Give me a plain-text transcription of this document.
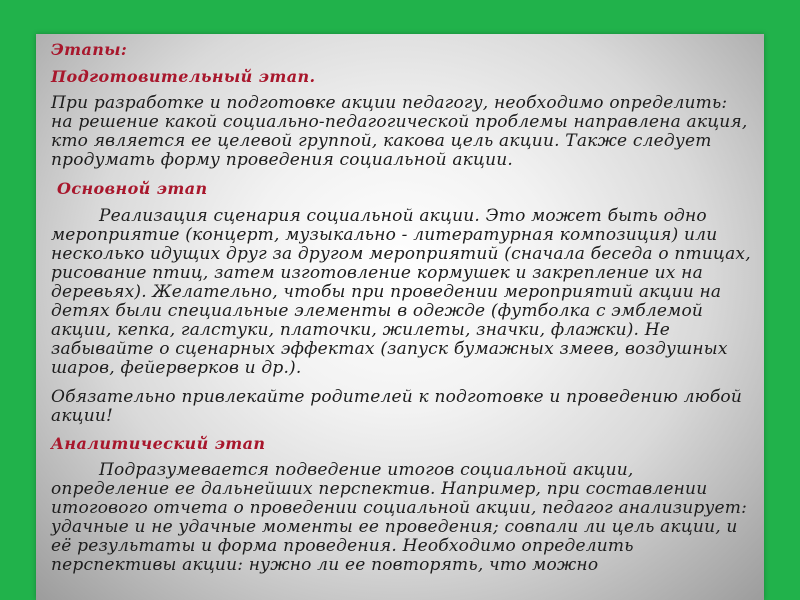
Этапы:
Подготовительный этап.

При разработке и подготовке акции педагогу, необходимо определить: на решение какой социально-педагогической проблемы направлена акция, кто является ее целевой группой, какова цель акции. Также следует продумать форму проведения социальной акции.

Основной этап

Реализация сценария социальной акции. Это может быть одно мероприятие (концерт, музыкально - литературная композиция) или несколько идущих друг за другом мероприятий (сначала беседа о птицах, рисование птиц, затем изготовление кормушек и закрепление их на деревьях). Желательно, чтобы при проведении мероприятий акции на детях были специальные элементы в одежде (футболка с эмблемой акции, кепка, галстуки, платочки, жилеты, значки, флажки). Не забывайте о сценарных эффектах (запуск бумажных змеев, воздушных шаров, фейерверков и др.).

Обязательно привлекайте родителей к подготовке и проведению любой акции!

Аналитический этап

Подразумевается подведение итогов социальной акции, определение ее дальнейших перспектив. Например, при составлении итогового отчета о проведении социальной акции, педагог анализирует: удачные и не удачные моменты ее проведения; совпали ли цель акции, и её результаты и форма проведения. Необходимо определить перспективы акции: нужно ли ее повторять, что можно
